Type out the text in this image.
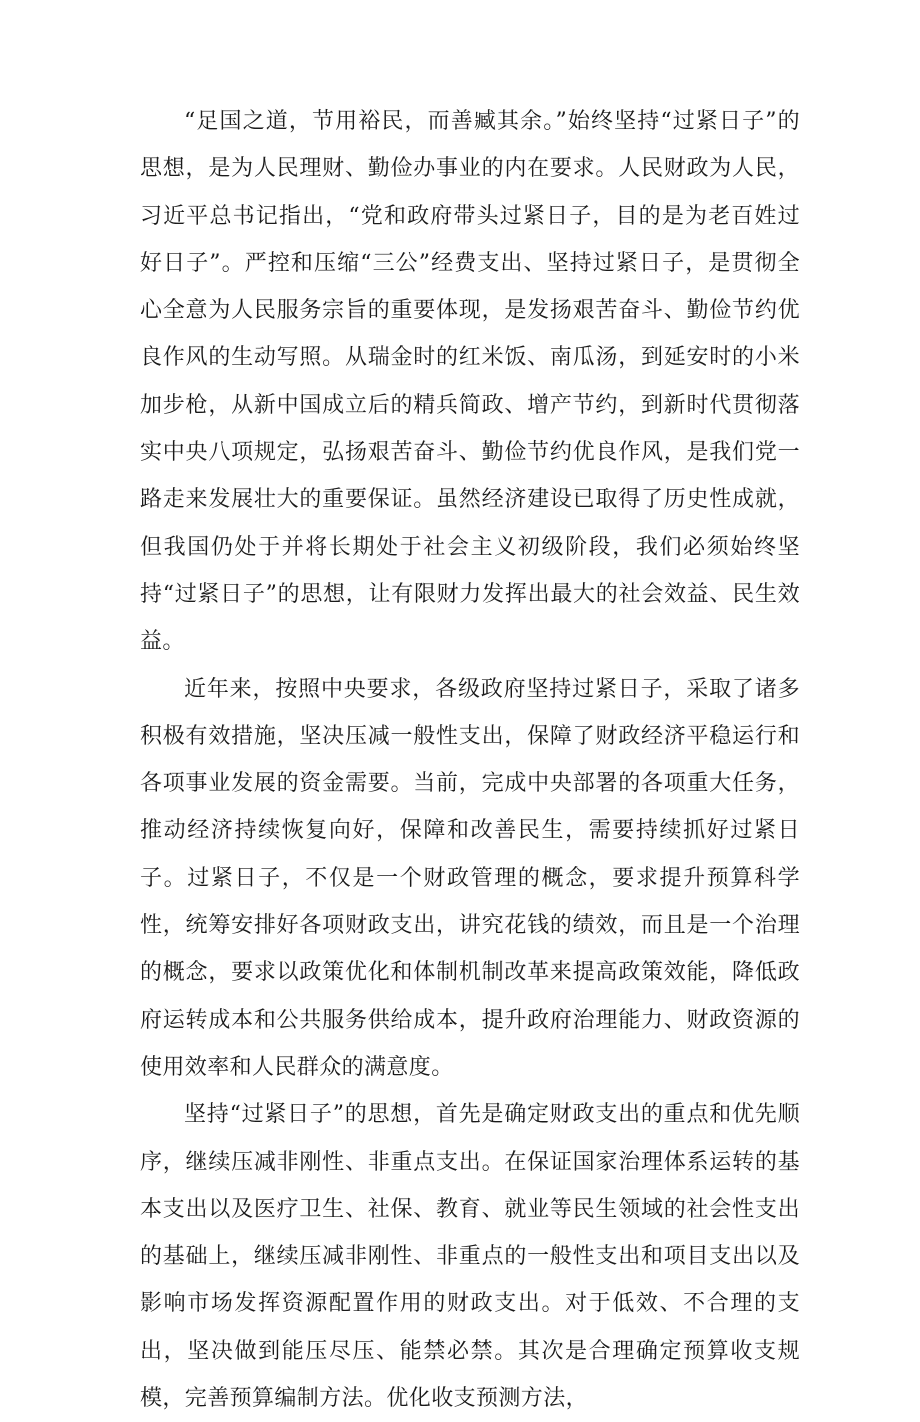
“足国之道，节用裕民，而善臧其余。”始终坚持“过紧日子”的思想，是为人民理财、勤俭办事业的内在要求。人民财政为人民，习近平总书记指出，“党和政府带头过紧日子，目的是为老百姓过好日子”。严控和压缩“三公”经费支出、坚持过紧日子，是贯彻全心全意为人民服务宗旨的重要体现，是发扬艰苦奋斗、勤俭节约优良作风的生动写照。从瑞金时的红米饭、南瓜汤，到延安时的小米加步枪，从新中国成立后的精兵简政、增产节约，到新时代贯彻落实中央八项规定，弘扬艰苦奋斗、勤俭节约优良作风，是我们党一路走来发展壮大的重要保证。虽然经济建设已取得了历史性成就，但我国仍处于并将长期处于社会主义初级阶段，我们必须始终坚持“过紧日子”的思想，让有限财力发挥出最大的社会效益、民生效益。

近年来，按照中央要求，各级政府坚持过紧日子，采取了诸多积极有效措施，坚决压减一般性支出，保障了财政经济平稳运行和各项事业发展的资金需要。当前，完成中央部署的各项重大任务，推动经济持续恢复向好，保障和改善民生，需要持续抓好过紧日子。过紧日子，不仅是一个财政管理的概念，要求提升预算科学性，统筹安排好各项财政支出，讲究花钱的绩效，而且是一个治理的概念，要求以政策优化和体制机制改革来提高政策效能，降低政府运转成本和公共服务供给成本，提升政府治理能力、财政资源的使用效率和人民群众的满意度。

坚持“过紧日子”的思想，首先是确定财政支出的重点和优先顺序，继续压减非刚性、非重点支出。在保证国家治理体系运转的基本支出以及医疗卫生、社保、教育、就业等民生领域的社会性支出的基础上，继续压减非刚性、非重点的一般性支出和项目支出以及影响市场发挥资源配置作用的财政支出。对于低效、不合理的支出，坚决做到能压尽压、能禁必禁。其次是合理确定预算收支规模，完善预算编制方法。优化收支预测方法，
